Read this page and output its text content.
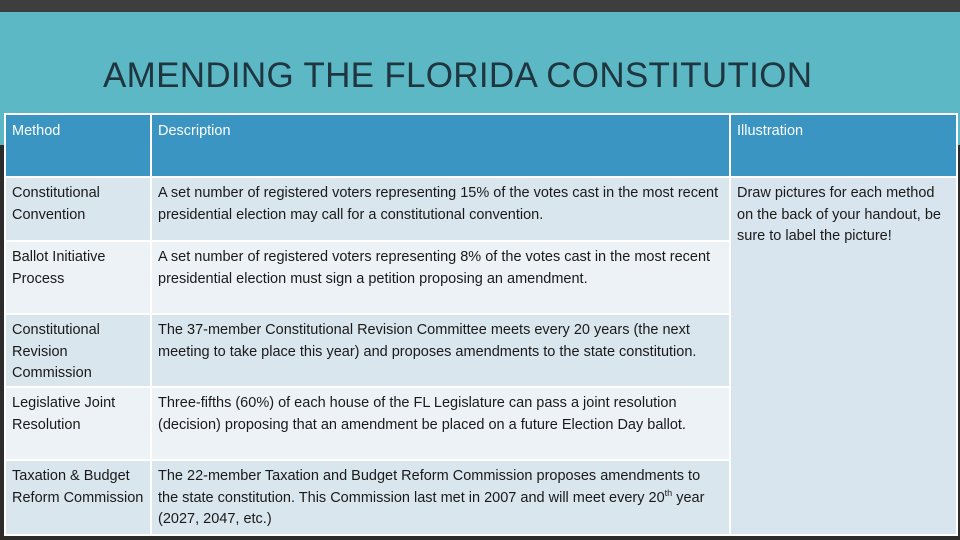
AMENDING THE FLORIDA CONSTITUTION
Method	Description	Illustration
Constitutional Convention	A set number of registered voters representing 15% of the votes cast in the most recent presidential election may call for a constitutional convention.	Draw pictures for each method on the back of your handout, be sure to label the picture!
Ballot Initiative Process	A set number of registered voters representing 8% of the votes cast in the most recent presidential election must sign a petition proposing an amendment.	
Constitutional Revision Commission	The 37-member Constitutional Revision Committee meets every 20 years (the next meeting to take place this year) and proposes amendments to the state constitution.	
Legislative Joint Resolution	Three-fifths (60%) of each house of the FL Legislature can pass a joint resolution (decision) proposing that an amendment be placed on a future Election Day ballot.	
Taxation & Budget Reform Commission	The 22-member Taxation and Budget Reform Commission proposes amendments to the state constitution. This Commission last met in 2007 and will meet every 20th year (2027, 2047, etc.)	
